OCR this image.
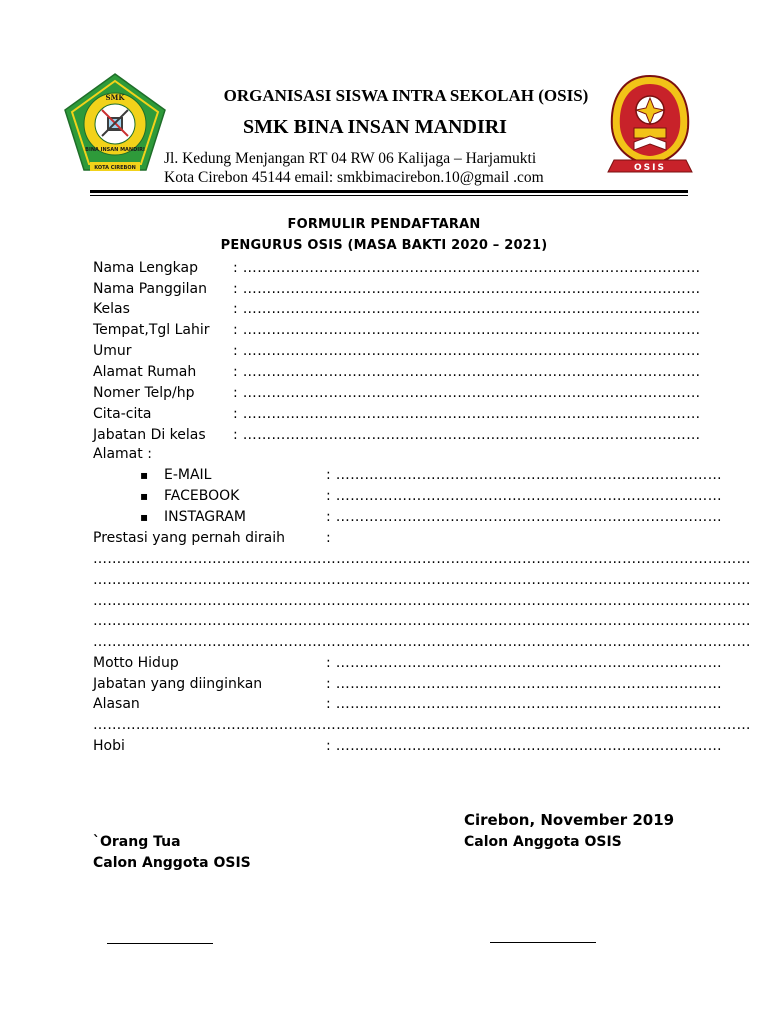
SMK
BINA INSAN MANDIRI
KOTA CIREBON	OSIS
ORGANISASI SISWA INTRA SEKOLAH (OSIS)
SMK BINA INSAN MANDIRI
Jl. Kedung Menjangan RT 04 RW 06 Kalijaga – Harjamukti
Kota Cirebon 45144 email: smkbimacirebon.10@gmail .com
FORMULIR PENDAFTARAN
PENGURUS OSIS (MASA BAKTI 2020 – 2021)
Nama Lengkap	: ……………………………………………………………………………………
Nama Panggilan : ……………………………………………………………………………………
Kelas	: ……………………………………………………………………………………
Tempat,Tgl Lahir : ……………………………………………………………………………………
Umur	: ……………………………………………………………………………………
Alamat Rumah	: ……………………………………………………………………………………
Nomer Telp/hp	: ……………………………………………………………………………………
Cita-cita	: ……………………………………………………………………………………
Jabatan Di kelas : ……………………………………………………………………………………
Alamat :
▪ E-MAIL	: ………………………………………………………………………
▪ FACEBOOK	: ………………………………………………………………………
▪ INSTAGRAM	: ………………………………………………………………………
Prestasi yang pernah diraih	:
…………………………………………………………………………………………………………………………
…………………………………………………………………………………………………………………………
…………………………………………………………………………………………………………………………
…………………………………………………………………………………………………………………………
…………………………………………………………………………………………………………………………
Motto Hidup	: ………………………………………………………………………
Jabatan yang diinginkan	: ………………………………………………………………………
Alasan	: ………………………………………………………………………
…………………………………………………………………………………………………………………………
Hobi	: ………………………………………………………………………
Cirebon, November 2019
`Orang Tua
Calon Anggota OSIS
Calon Anggota OSIS
